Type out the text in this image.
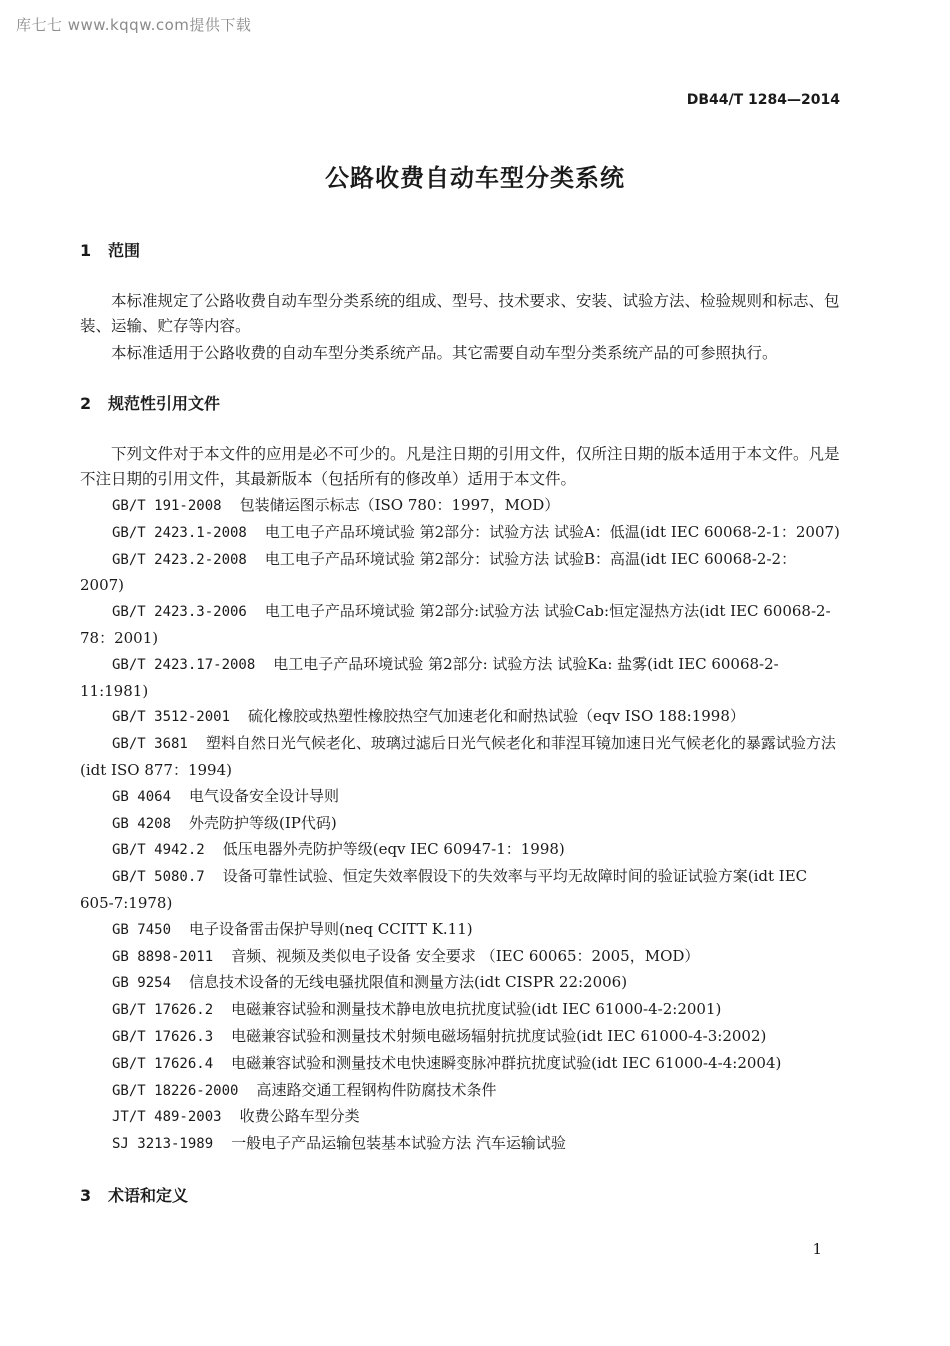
库七七 www.kqqw.com提供下载
DB44/T 1284—2014
公路收费自动车型分类系统
1 范围
本标准规定了公路收费自动车型分类系统的组成、型号、技术要求、安装、试验方法、检验规则和标志、包装、运输、贮存等内容。
本标准适用于公路收费的自动车型分类系统产品。其它需要自动车型分类系统产品的可参照执行。
2 规范性引用文件
下列文件对于本文件的应用是必不可少的。凡是注日期的引用文件，仅所注日期的版本适用于本文件。凡是不注日期的引用文件，其最新版本（包括所有的修改单）适用于本文件。
GB/T 191-2008 包装储运图示标志（ISO 780：1997，MOD）
GB/T 2423.1-2008 电工电子产品环境试验 第2部分：试验方法 试验A：低温(idt IEC 60068-2-1：2007)
GB/T 2423.2-2008 电工电子产品环境试验 第2部分：试验方法 试验B：高温(idt IEC 60068-2-2：2007)
GB/T 2423.3-2006 电工电子产品环境试验 第2部分:试验方法 试验Cab:恒定湿热方法(idt IEC 60068-2-78：2001)
GB/T 2423.17-2008 电工电子产品环境试验 第2部分: 试验方法 试验Ka: 盐雾(idt IEC 60068-2-11:1981)
GB/T 3512-2001 硫化橡胶或热塑性橡胶热空气加速老化和耐热试验（eqv ISO 188:1998）
GB/T 3681 塑料自然日光气候老化、玻璃过滤后日光气候老化和菲涅耳镜加速日光气候老化的暴露试验方法(idt ISO 877：1994)
GB 4064 电气设备安全设计导则
GB 4208 外壳防护等级(IP代码)
GB/T 4942.2 低压电器外壳防护等级(eqv IEC 60947-1：1998)
GB/T 5080.7 设备可靠性试验、恒定失效率假设下的失效率与平均无故障时间的验证试验方案(idt IEC 605-7:1978)
GB 7450 电子设备雷击保护导则(neq CCITT K.11)
GB 8898-2011 音频、视频及类似电子设备 安全要求 （IEC 60065：2005，MOD）
GB 9254 信息技术设备的无线电骚扰限值和测量方法(idt CISPR 22:2006)
GB/T 17626.2 电磁兼容试验和测量技术静电放电抗扰度试验(idt IEC 61000-4-2:2001)
GB/T 17626.3 电磁兼容试验和测量技术射频电磁场辐射抗扰度试验(idt IEC 61000-4-3:2002)
GB/T 17626.4 电磁兼容试验和测量技术电快速瞬变脉冲群抗扰度试验(idt IEC 61000-4-4:2004)
GB/T 18226-2000 高速路交通工程钢构件防腐技术条件
JT/T 489-2003 收费公路车型分类
SJ 3213-1989 一般电子产品运输包装基本试验方法 汽车运输试验
3 术语和定义
1
